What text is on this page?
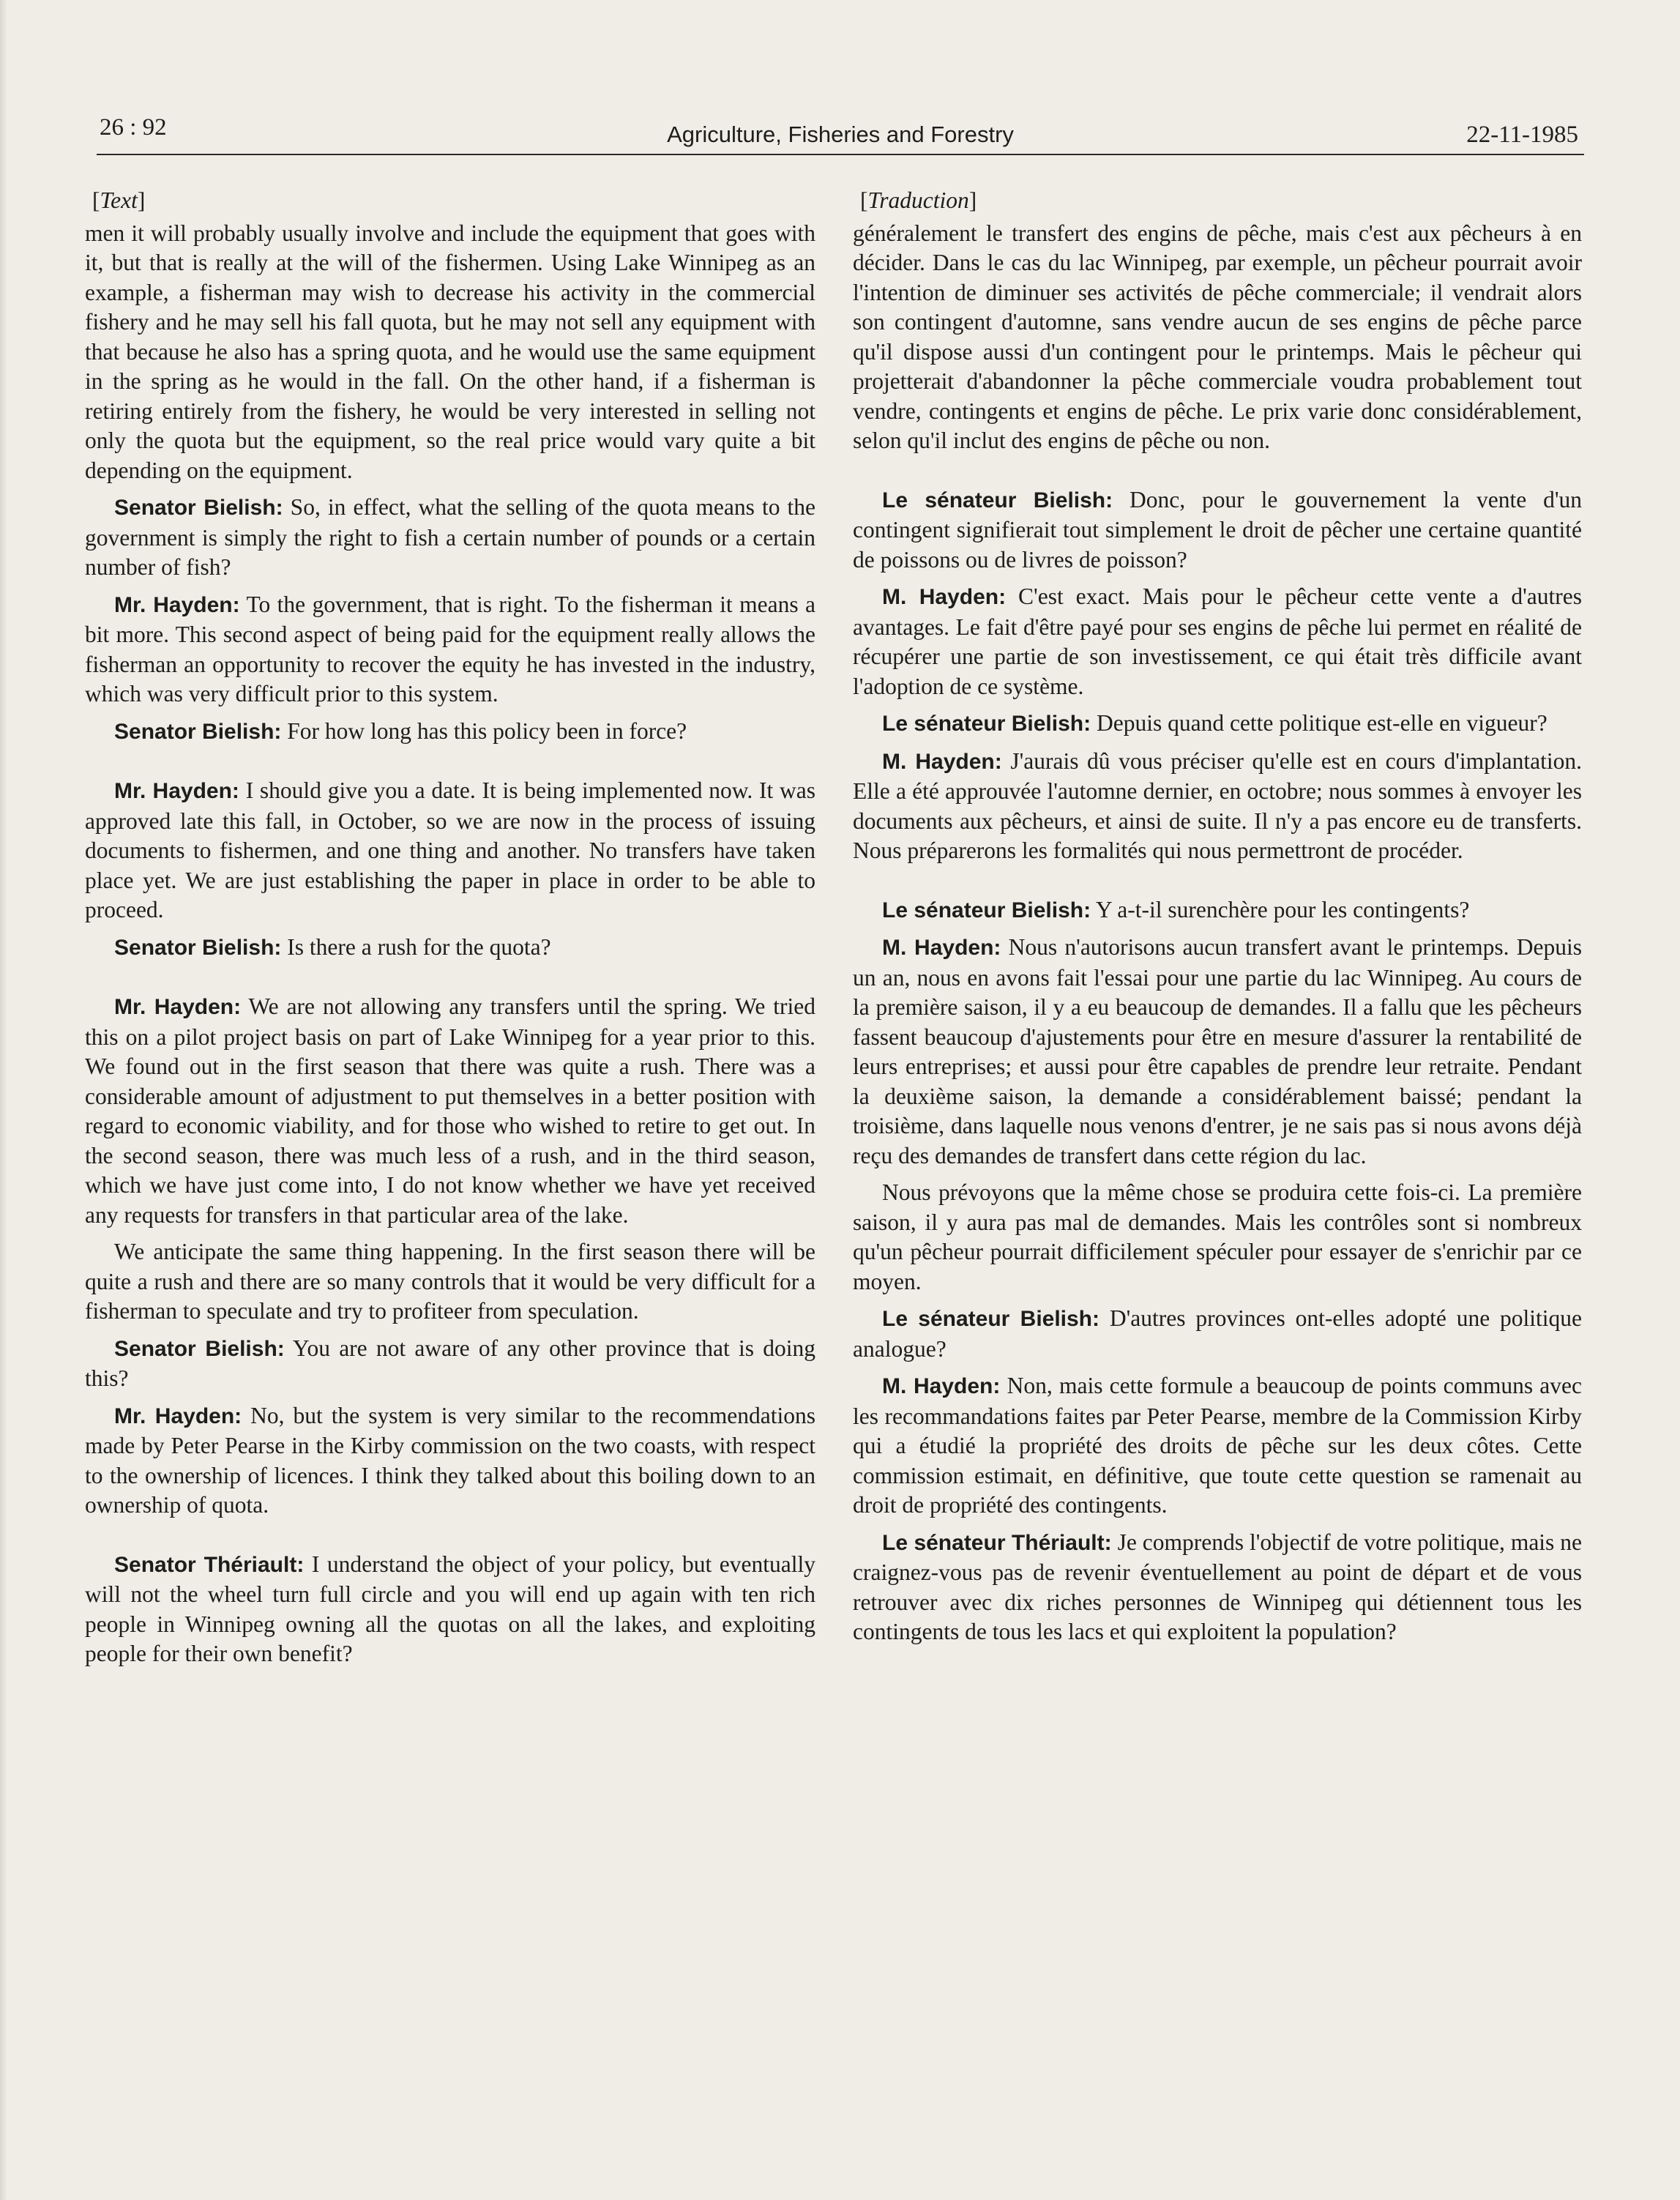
26 : 92	Agriculture, Fisheries and Forestry	22-11-1985
[Text]

men it will probably usually involve and include the equipment that goes with it, but that is really at the will of the fishermen. Using Lake Winnipeg as an example, a fisherman may wish to decrease his activity in the commercial fishery and he may sell his fall quota, but he may not sell any equipment with that because he also has a spring quota, and he would use the same equipment in the spring as he would in the fall. On the other hand, if a fisherman is retiring entirely from the fishery, he would be very interested in selling not only the quota but the equipment, so the real price would vary quite a bit depending on the equipment.

Senator Bielish: So, in effect, what the selling of the quota means to the government is simply the right to fish a certain number of pounds or a certain number of fish?

Mr. Hayden: To the government, that is right. To the fisherman it means a bit more. This second aspect of being paid for the equipment really allows the fisherman an opportunity to recover the equity he has invested in the industry, which was very difficult prior to this system.

Senator Bielish: For how long has this policy been in force?

Mr. Hayden: I should give you a date. It is being implemented now. It was approved late this fall, in October, so we are now in the process of issuing documents to fishermen, and one thing and another. No transfers have taken place yet. We are just establishing the paper in place in order to be able to proceed.

Senator Bielish: Is there a rush for the quota?

Mr. Hayden: We are not allowing any transfers until the spring. We tried this on a pilot project basis on part of Lake Winnipeg for a year prior to this. We found out in the first season that there was quite a rush. There was a considerable amount of adjustment to put themselves in a better position with regard to economic viability, and for those who wished to retire to get out. In the second season, there was much less of a rush, and in the third season, which we have just come into, I do not know whether we have yet received any requests for transfers in that particular area of the lake.

We anticipate the same thing happening. In the first season there will be quite a rush and there are so many controls that it would be very difficult for a fisherman to speculate and try to profiteer from speculation.

Senator Bielish: You are not aware of any other province that is doing this?

Mr. Hayden: No, but the system is very similar to the recommendations made by Peter Pearse in the Kirby commission on the two coasts, with respect to the ownership of licences. I think they talked about this boiling down to an ownership of quota.

Senator Thériault: I understand the object of your policy, but eventually will not the wheel turn full circle and you will end up again with ten rich people in Winnipeg owning all the quotas on all the lakes, and exploiting people for their own benefit?

[Traduction]

généralement le transfert des engins de pêche, mais c'est aux pêcheurs à en décider. Dans le cas du lac Winnipeg, par exemple, un pêcheur pourrait avoir l'intention de diminuer ses activités de pêche commerciale; il vendrait alors son contingent d'automne, sans vendre aucun de ses engins de pêche parce qu'il dispose aussi d'un contingent pour le printemps. Mais le pêcheur qui projetterait d'abandonner la pêche commerciale voudra probablement tout vendre, contingents et engins de pêche. Le prix varie donc considérablement, selon qu'il inclut des engins de pêche ou non.

Le sénateur Bielish: Donc, pour le gouvernement la vente d'un contingent signifierait tout simplement le droit de pêcher une certaine quantité de poissons ou de livres de poisson?

M. Hayden: C'est exact. Mais pour le pêcheur cette vente a d'autres avantages. Le fait d'être payé pour ses engins de pêche lui permet en réalité de récupérer une partie de son investissement, ce qui était très difficile avant l'adoption de ce système.

Le sénateur Bielish: Depuis quand cette politique est-elle en vigueur?

M. Hayden: J'aurais dû vous préciser qu'elle est en cours d'implantation. Elle a été approuvée l'automne dernier, en octobre; nous sommes à envoyer les documents aux pêcheurs, et ainsi de suite. Il n'y a pas encore eu de transferts. Nous préparerons les formalités qui nous permettront de procéder.

Le sénateur Bielish: Y a-t-il surenchère pour les contingents?

M. Hayden: Nous n'autorisons aucun transfert avant le printemps. Depuis un an, nous en avons fait l'essai pour une partie du lac Winnipeg. Au cours de la première saison, il y a eu beaucoup de demandes. Il a fallu que les pêcheurs fassent beaucoup d'ajustements pour être en mesure d'assurer la rentabilité de leurs entreprises; et aussi pour être capables de prendre leur retraite. Pendant la deuxième saison, la demande a considérablement baissé; pendant la troisième, dans laquelle nous venons d'entrer, je ne sais pas si nous avons déjà reçu des demandes de transfert dans cette région du lac.

Nous prévoyons que la même chose se produira cette fois-ci. La première saison, il y aura pas mal de demandes. Mais les contrôles sont si nombreux qu'un pêcheur pourrait difficilement spéculer pour essayer de s'enrichir par ce moyen.

Le sénateur Bielish: D'autres provinces ont-elles adopté une politique analogue?

M. Hayden: Non, mais cette formule a beaucoup de points communs avec les recommandations faites par Peter Pearse, membre de la Commission Kirby qui a étudié la propriété des droits de pêche sur les deux côtes. Cette commission estimait, en définitive, que toute cette question se ramenait au droit de propriété des contingents.

Le sénateur Thériault: Je comprends l'objectif de votre politique, mais ne craignez-vous pas de revenir éventuellement au point de départ et de vous retrouver avec dix riches personnes de Winnipeg qui détiennent tous les contingents de tous les lacs et qui exploitent la population?
